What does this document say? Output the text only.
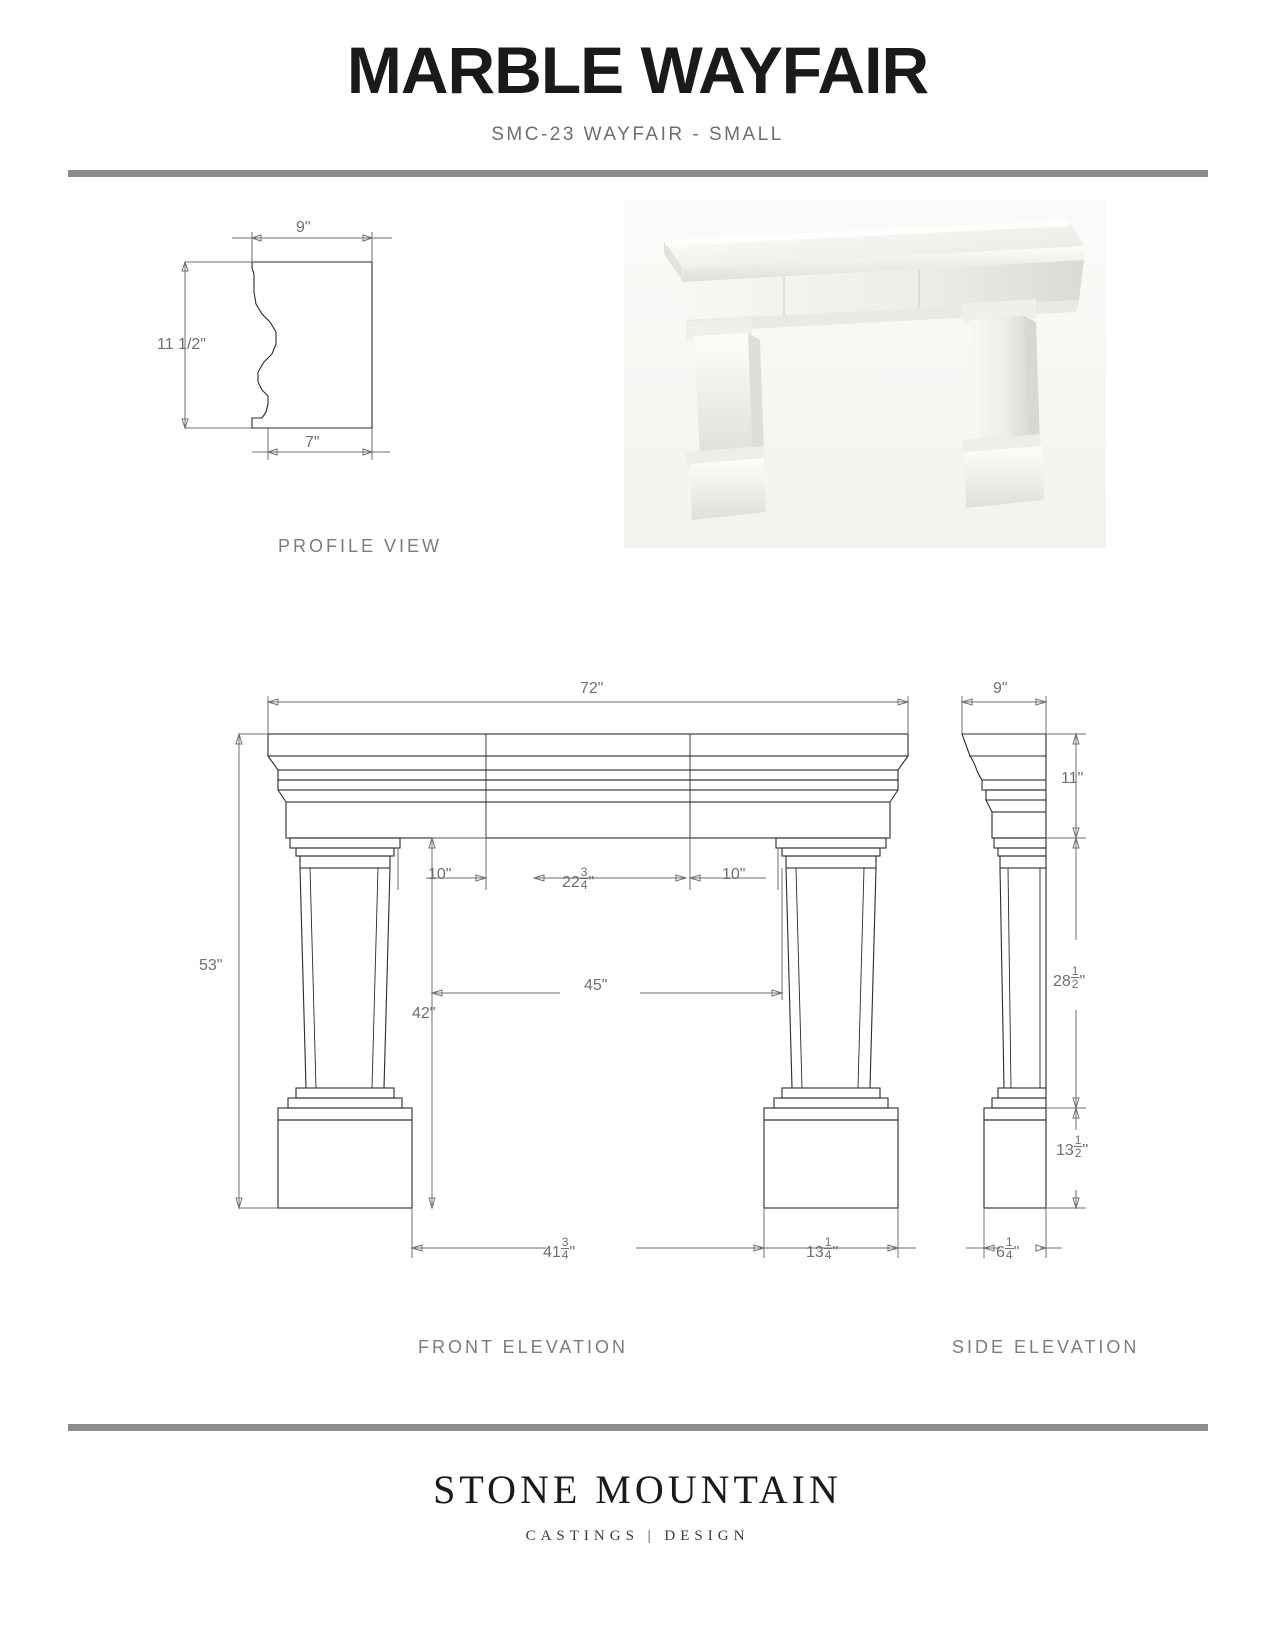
MARBLE WAYFAIR
SMC-23 WAYFAIR - SMALL
9"
11 1/2"
7"
PROFILE VIEW
72"
53"
42"
45"
10"	10"
$22 \frac{3}{4}$ "
$41 \frac{3}{4}$ "	$13 \frac{1}{4}$ "
FRONT ELEVATION
9"
11"
$28 \frac{1}{2}$ "
$13 \frac{1}{2}$ "
$6 \frac{1}{4}$ "
SIDE ELEVATION
STONE MOUNTAIN
CASTINGS | DESIGN
